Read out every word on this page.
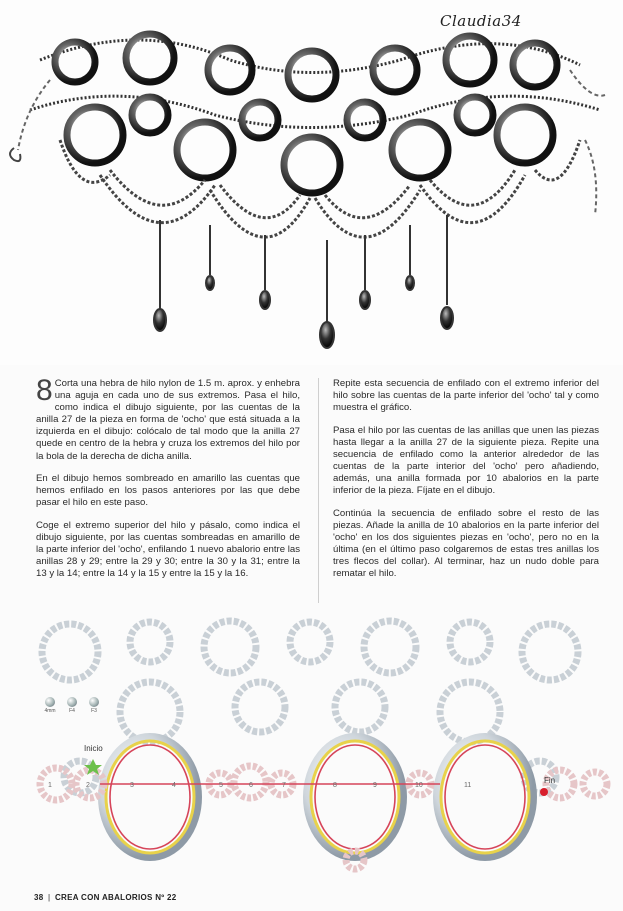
Claudia34

8 Corta una hebra de hilo nylon de 1.5 m. aprox. y enhebra una aguja en cada uno de sus extremos. Pasa el hilo, como indica el dibujo siguiente, por las cuentas de la anilla 27 de la pieza en forma de 'ocho' que está situada a la izquierda en el dibujo: colócalo de tal modo que la anilla 27 quede en centro de la hebra y cruza los extremos del hilo por la bola de la derecha de dicha anilla.

En el dibujo hemos sombreado en amarillo las cuentas que hemos enfilado en los pasos anteriores por las que debe pasar el hilo en este paso.

Coge el extremo superior del hilo y pásalo, como indica el dibujo siguiente, por las cuentas sombreadas en amarillo de la parte inferior del 'ocho', enfilando 1 nuevo abalorio entre las anillas 28 y 29; entre la 29 y 30; entre la 30 y la 31; entre la 13 y la 14; entre la 14 y la 15 y entre la 15 y la 16.

Repite esta secuencia de enfilado con el extremo inferior del hilo sobre las cuentas de la parte inferior del 'ocho' tal y como muestra el gráfico.

Pasa el hilo por las cuentas de las anillas que unen las piezas hasta llegar a la anilla 27 de la siguiente pieza. Repite una secuencia de enfilado como la anterior alrededor de las cuentas de la parte interior del 'ocho' pero añadiendo, además, una anilla formada por 10 abalorios en la parte inferior de la pieza. Fíjate en el dibujo.

Continúa la secuencia de enfilado sobre el resto de las piezas. Añade la anilla de 10 abalorios en la parte inferior del 'ocho' en los dos siguientes piezas en 'ocho', pero no en la última (en el último paso colgaremos de estas tres anillas los tres flecos del collar). Al terminar, haz un nudo doble para rematar el hilo.

1	2	3	4	5	6	7	8	9	10	11
4mm	F4	F3
Inicio
Fin
38 | CREA CON ABALORIOS Nº 22
